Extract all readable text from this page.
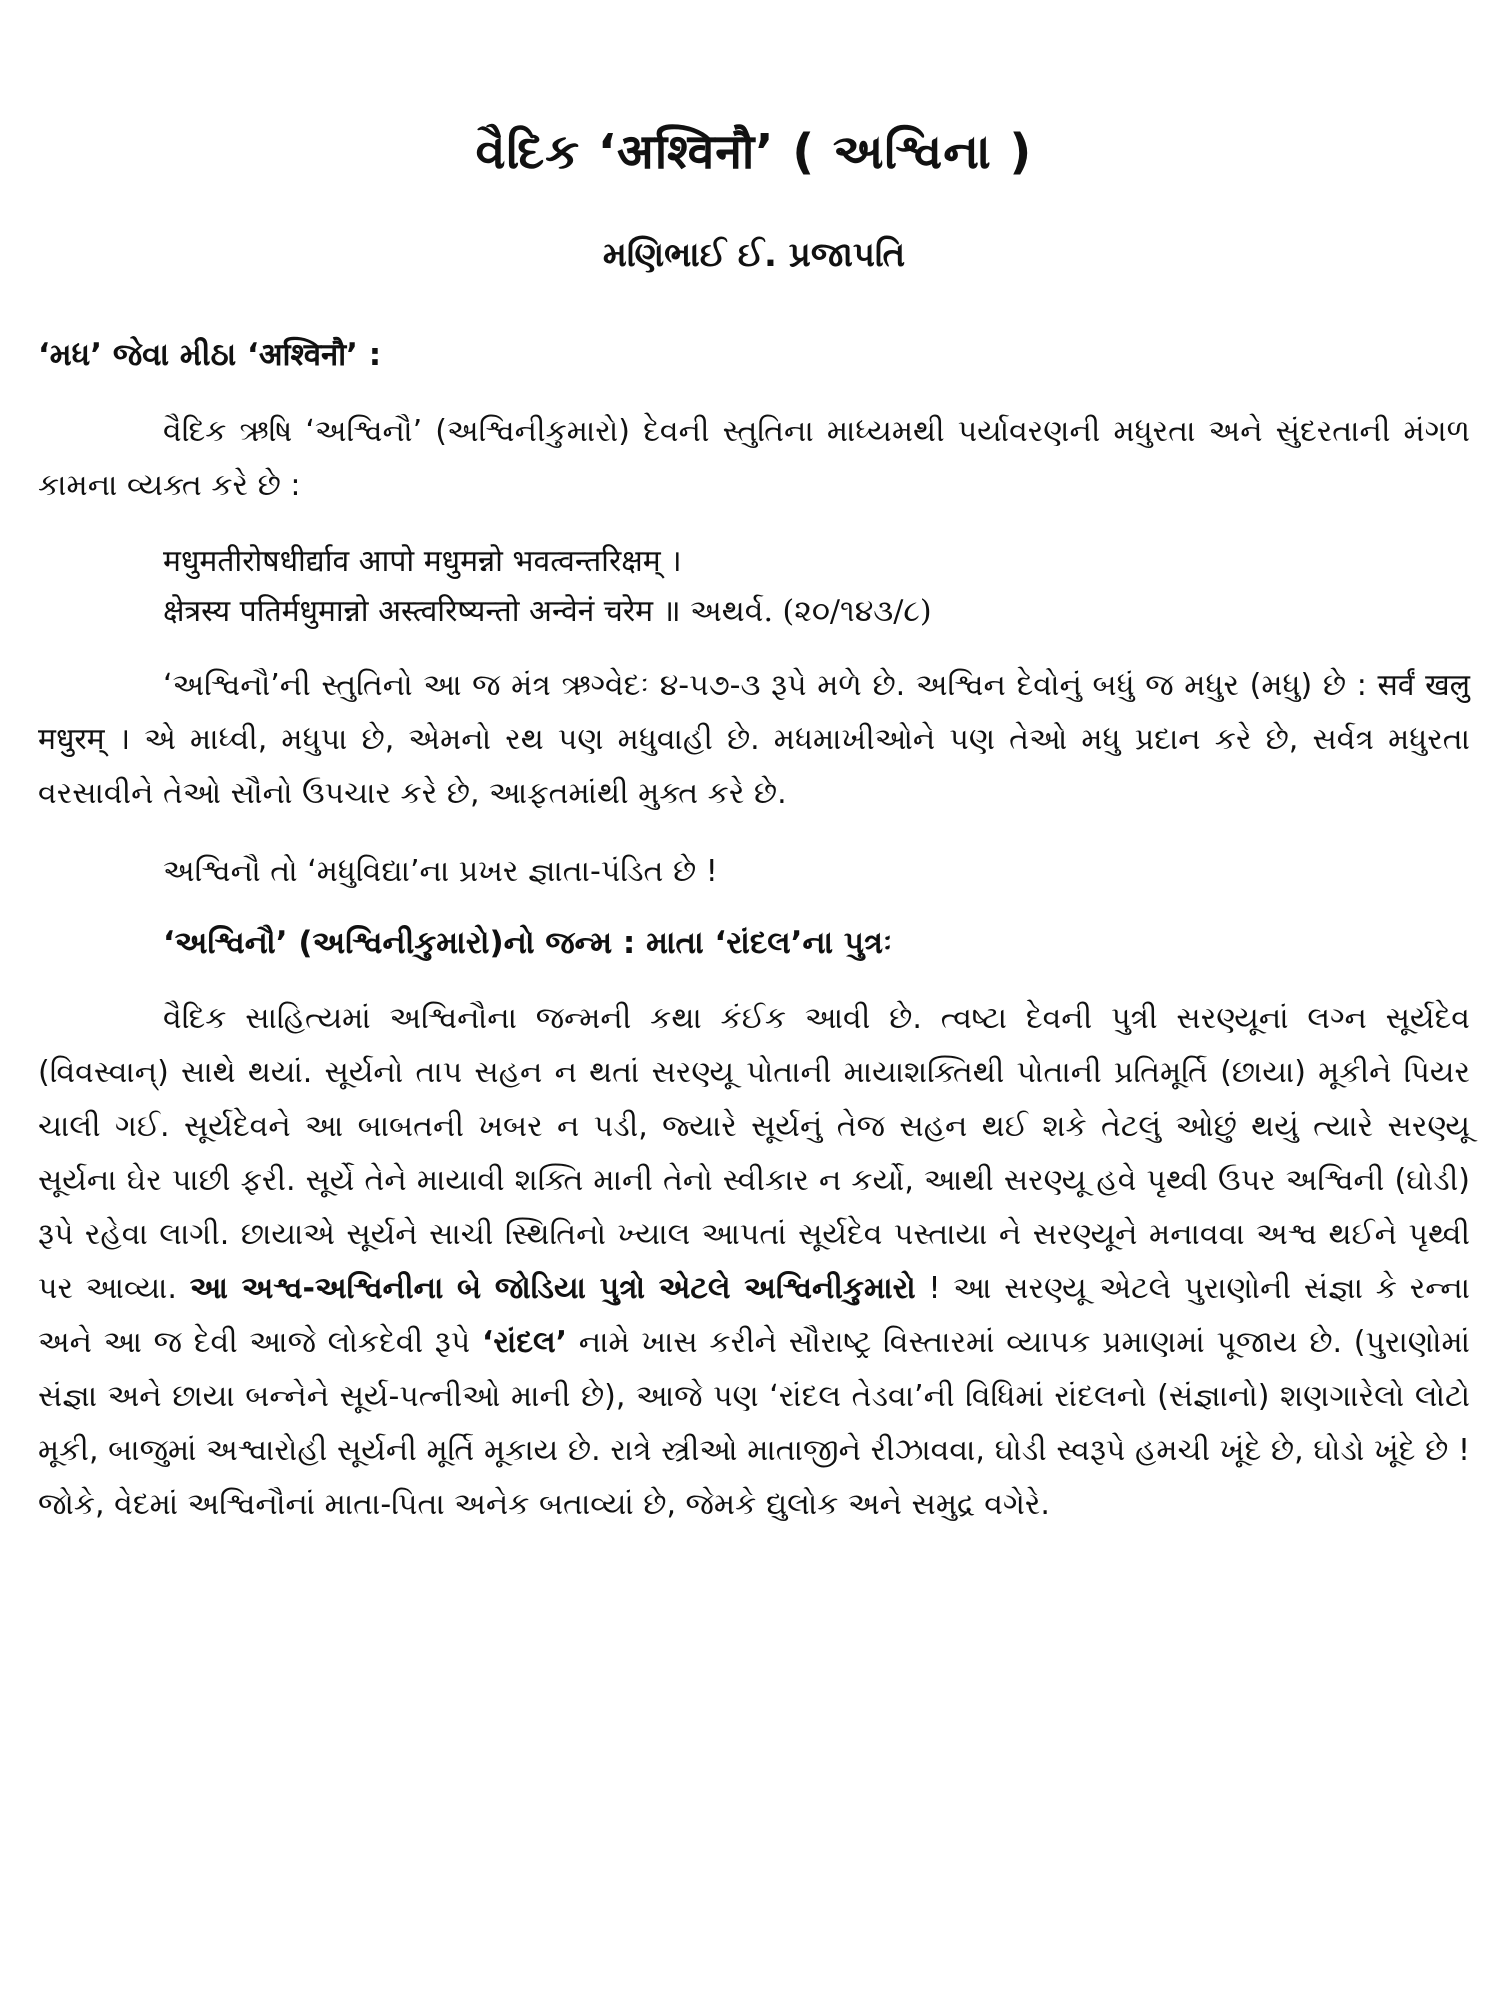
વૈદિક ‘अश्विनौ’ ( અશ્વિના )
મણિભાઈ ઈ. પ્રજાપતિ
‘મધ’ જેવા મીઠા ‘अश्विनौ’ :

વૈદિક ઋષિ ‘અશ્વિનૌ’ (અશ્વિનીકુમારો) દેવની સ્તુતિના માધ્યમથી પર્યાવરણની મધુરતા અને સુંદરતાની મંગળ કામના વ્યક્ત કરે છે :

मधुमतीरोषधीर्द्याव आपो मधुमन्नो भवत्वन्तरिक्षम् ।
क्षेत्रस्य पतिर्मधुमान्नो अस्त्वरिष्यन्तो अन्वेनं चरेम ॥ અથર્વ. (૨૦/૧૪૩/૮)

‘અશ્વિનૌ’ની સ્તુતિનો આ જ મંત્ર ઋગ્વેદઃ ૪-૫૭-૩ રૂપે મળે છે. અશ્વિન દેવોનું બધું જ મધુર (મધુ) છે : सर्वं खलु मधुरम् । એ માધ્વી, મધુપા છે, એમનો રથ પણ મધુવાહી છે. મધમાખીઓને પણ તેઓ મધુ પ્રદાન કરે છે, સર્વત્ર મધુરતા વરસાવીને તેઓ સૌનો ઉપચાર કરે છે, આફતમાંથી મુક્ત કરે છે.

અશ્વિનૌ તો ‘મધુવિદ્યા’ના પ્રખર જ્ઞાતા-પંડિત છે !

‘અશ્વિનૌ’ (અશ્વિનીકુમારો)નો જન્મ : માતા ‘રાંદલ’ના પુત્રઃ

વૈદિક સાહિત્યમાં અશ્વિનૌના જન્મની કથા કંઈક આવી છે. ત્વષ્ટા દેવની પુત્રી સરણ્યૂનાં લગ્ન સૂર્યદેવ (વિવસ્વાન્) સાથે થયાં. સૂર્યનો તાપ સહન ન થતાં સરણ્યૂ પોતાની માયાશક્તિથી પોતાની પ્રતિમૂર્તિ (છાયા) મૂકીને પિયર ચાલી ગઈ. સૂર્યદેવને આ બાબતની ખબર ન પડી, જ્યારે સૂર્યનું તેજ સહન થઈ શકે તેટલું ઓછું થયું ત્યારે સરણ્યૂ સૂર્યના ઘેર પાછી ફરી. સૂર્યે તેને માયાવી શક્તિ માની તેનો સ્વીકાર ન કર્યો, આથી સરણ્યૂ હવે પૃથ્વી ઉપર અશ્વિની (ઘોડી) રૂપે રહેવા લાગી. છાયાએ સૂર્યને સાચી સ્થિતિનો ખ્યાલ આપતાં સૂર્યદેવ પસ્તાયા ને સરણ્યૂને મનાવવા અશ્વ થઈને પૃથ્વી પર આવ્યા. આ અશ્વ-અશ્વિનીના બે જોડિયા પુત્રો એટલે અશ્વિનીકુમારો ! આ સરણ્યૂ એટલે પુરાણોની સંજ્ઞા કે રન્ના અને આ જ દેવી આજે લોકદેવી રૂપે ‘રાંદલ’ નામે ખાસ કરીને સૌરાષ્ટ્ર વિસ્તારમાં વ્યાપક પ્રમાણમાં પૂજાય છે. (પુરાણોમાં સંજ્ઞા અને છાયા બન્નેને સૂર્ય-પત્નીઓ માની છે), આજે પણ ‘રાંદલ તેડવા’ની વિધિમાં રાંદલનો (સંજ્ઞાનો) શણગારેલો લોટો મૂકી, બાજુમાં અશ્વારોહી સૂર્યની મૂર્તિ મૂકાય છે. રાત્રે સ્ત્રીઓ માતાજીને રીઝાવવા, ઘોડી સ્વરૂપે હમચી ખૂંદે છે, ઘોડો ખૂંદે છે ! જોકે, વેદમાં અશ્વિનૌનાં માતા-પિતા અનેક બતાવ્યાં છે, જેમકે દ્યુલોક અને સમુદ્ર વગેરે.
